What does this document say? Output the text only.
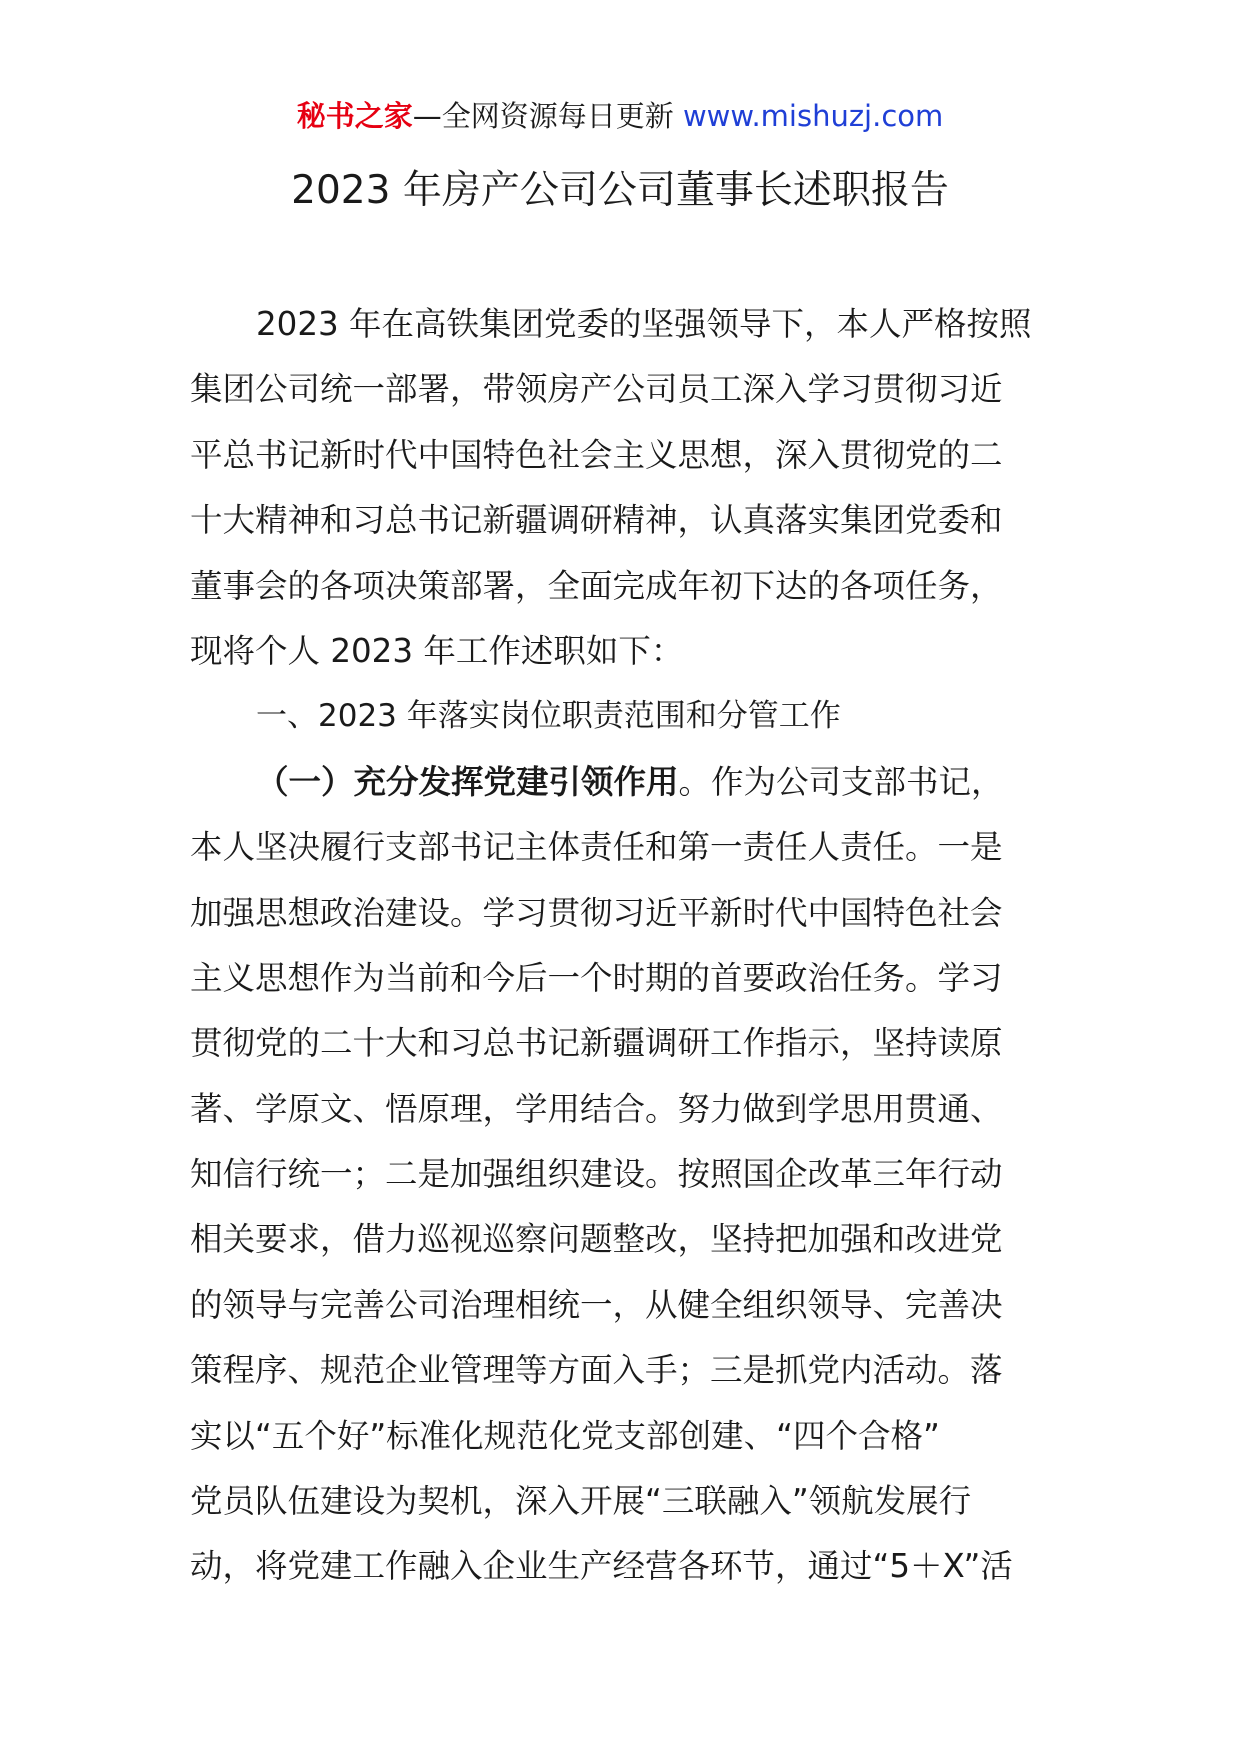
秘书之家—全网资源每日更新 www.mishuzj.com
2023 年房产公司公司董事长述职报告
2023 年在高铁集团党委的坚强领导下，本人严格按照
集团公司统一部署，带领房产公司员工深入学习贯彻习近
平总书记新时代中国特色社会主义思想，深入贯彻党的二
十大精神和习总书记新疆调研精神，认真落实集团党委和
董事会的各项决策部署，全面完成年初下达的各项任务，
现将个人 2023 年工作述职如下：
一、2023 年落实岗位职责范围和分管工作
（一）充分发挥党建引领作用。作为公司支部书记，
本人坚决履行支部书记主体责任和第一责任人责任。一是
加强思想政治建设。学习贯彻习近平新时代中国特色社会
主义思想作为当前和今后一个时期的首要政治任务。学习
贯彻党的二十大和习总书记新疆调研工作指示，坚持读原
著、学原文、悟原理，学用结合。努力做到学思用贯通、
知信行统一；二是加强组织建设。按照国企改革三年行动
相关要求，借力巡视巡察问题整改，坚持把加强和改进党
的领导与完善公司治理相统一，从健全组织领导、完善决
策程序、规范企业管理等方面入手；三是抓党内活动。落
实以“五个好”标准化规范化党支部创建、“四个合格”
党员队伍建设为契机，深入开展“三联融入”领航发展行
动，将党建工作融入企业生产经营各环节，通过“5＋X”活
